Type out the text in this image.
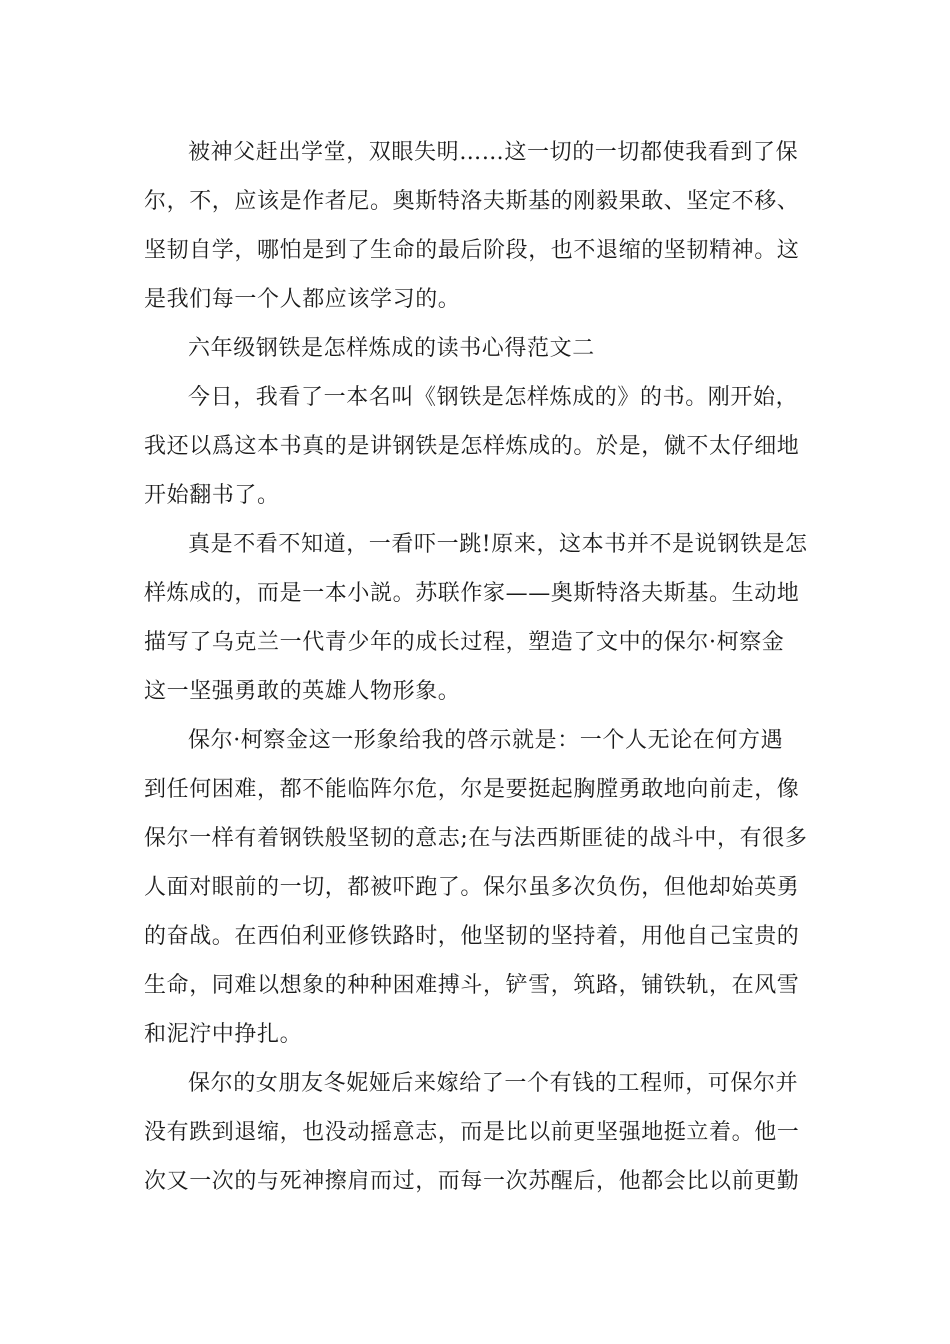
被神父赶出学堂，双眼失明……这一切的一切都使我看到了保
尔，不，应该是作者尼。奥斯特洛夫斯基的刚毅果敢、坚定不移、
坚韧自学，哪怕是到了生命的最后阶段，也不退缩的坚韧精神。这
是我们每一个人都应该学习的。
六年级钢铁是怎样炼成的读书心得范文二
今日，我看了一本名叫《钢铁是怎样炼成的》的书。刚开始，
我还以爲这本书真的是讲钢铁是怎样炼成的。於是，僦不太仔细地
开始翻书了。
真是不看不知道，一看吓一跳!原来，这本书并不是说钢铁是怎
样炼成的，而是一本小説。苏联作家——奥斯特洛夫斯基。生动地
描写了乌克兰一代青少年的成长过程，塑造了文中的保尔·柯察金
这一坚强勇敢的英雄人物形象。
保尔·柯察金这一形象给我的啓示就是：一个人无论在何方遇
到任何困难，都不能临阵尔危，尔是要挺起胸膛勇敢地向前走，像
保尔一样有着钢铁般坚韧的意志;在与法西斯匪徒的战斗中，有很多
人面对眼前的一切，都被吓跑了。保尔虽多次负伤，但他却始英勇
的奋战。在西伯利亚修铁路时，他坚韧的坚持着，用他自己宝贵的
生命，同难以想象的种种困难搏斗，铲雪，筑路，铺铁轨，在风雪
和泥泞中挣扎。
保尔的女朋友冬妮娅后来嫁给了一个有钱的工程师，可保尔并
没有跌到退缩，也没动摇意志，而是比以前更坚强地挺立着。他一
次又一次的与死神擦肩而过，而每一次苏醒后，他都会比以前更勤
